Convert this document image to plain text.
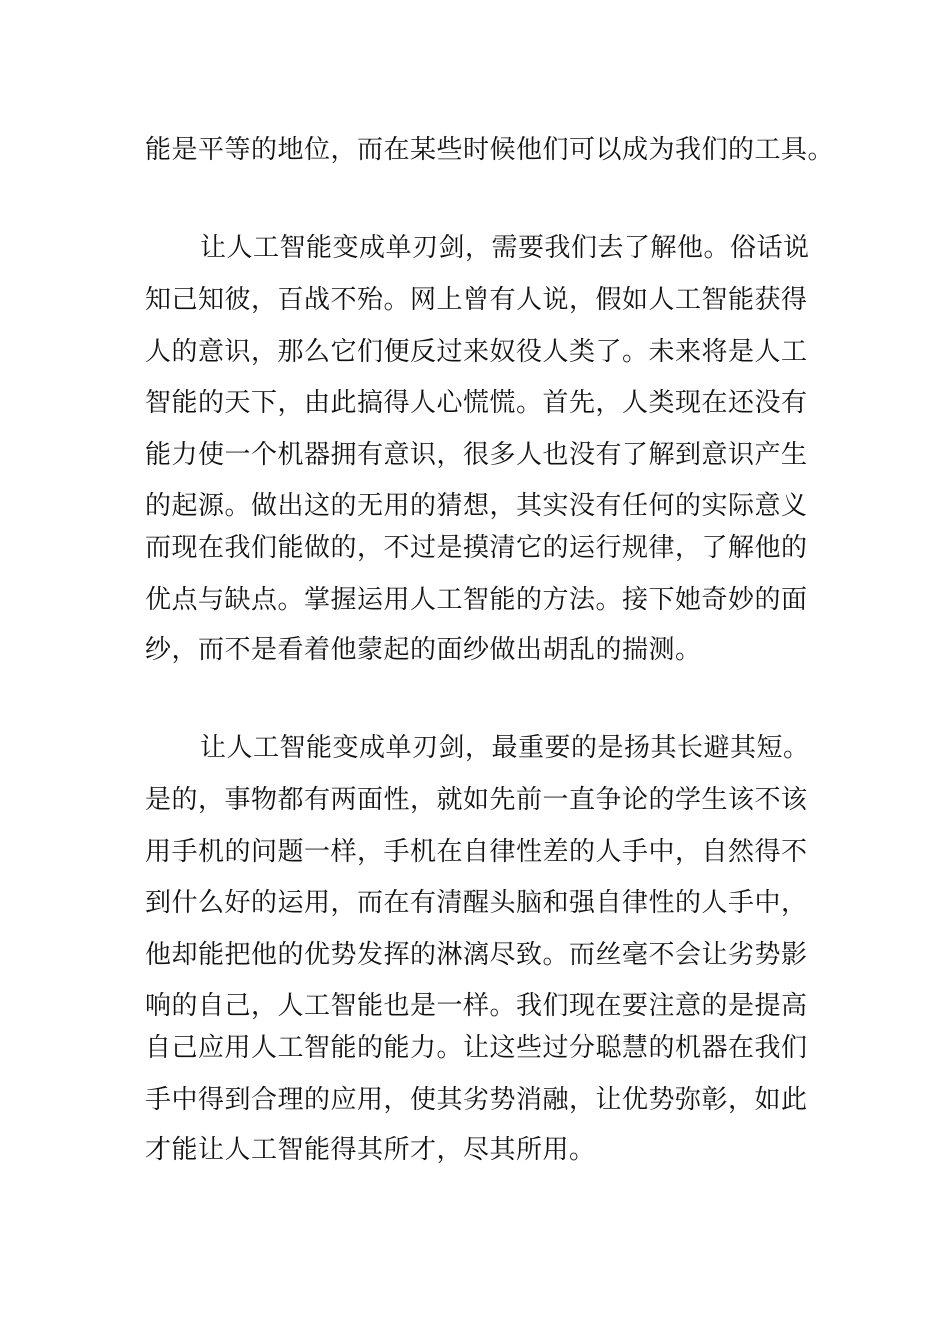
能是平等的地位，而在某些时候他们可以成为我们的工具。
让人工智能变成单刃剑，需要我们去了解他。俗话说
知己知彼，百战不殆。网上曾有人说，假如人工智能获得
人的意识，那么它们便反过来奴役人类了。未来将是人工
智能的天下，由此搞得人心慌慌。首先，人类现在还没有
能力使一个机器拥有意识，很多人也没有了解到意识产生
的起源。做出这的无用的猜想，其实没有任何的实际意义
而现在我们能做的，不过是摸清它的运行规律，了解他的
优点与缺点。掌握运用人工智能的方法。接下她奇妙的面
纱，而不是看着他蒙起的面纱做出胡乱的揣测。
让人工智能变成单刃剑，最重要的是扬其长避其短。
是的，事物都有两面性，就如先前一直争论的学生该不该
用手机的问题一样，手机在自律性差的人手中，自然得不
到什么好的运用，而在有清醒头脑和强自律性的人手中，
他却能把他的优势发挥的淋漓尽致。而丝毫不会让劣势影
响的自己，人工智能也是一样。我们现在要注意的是提高
自己应用人工智能的能力。让这些过分聪慧的机器在我们
手中得到合理的应用，使其劣势消融，让优势弥彰，如此
才能让人工智能得其所才，尽其所用。
